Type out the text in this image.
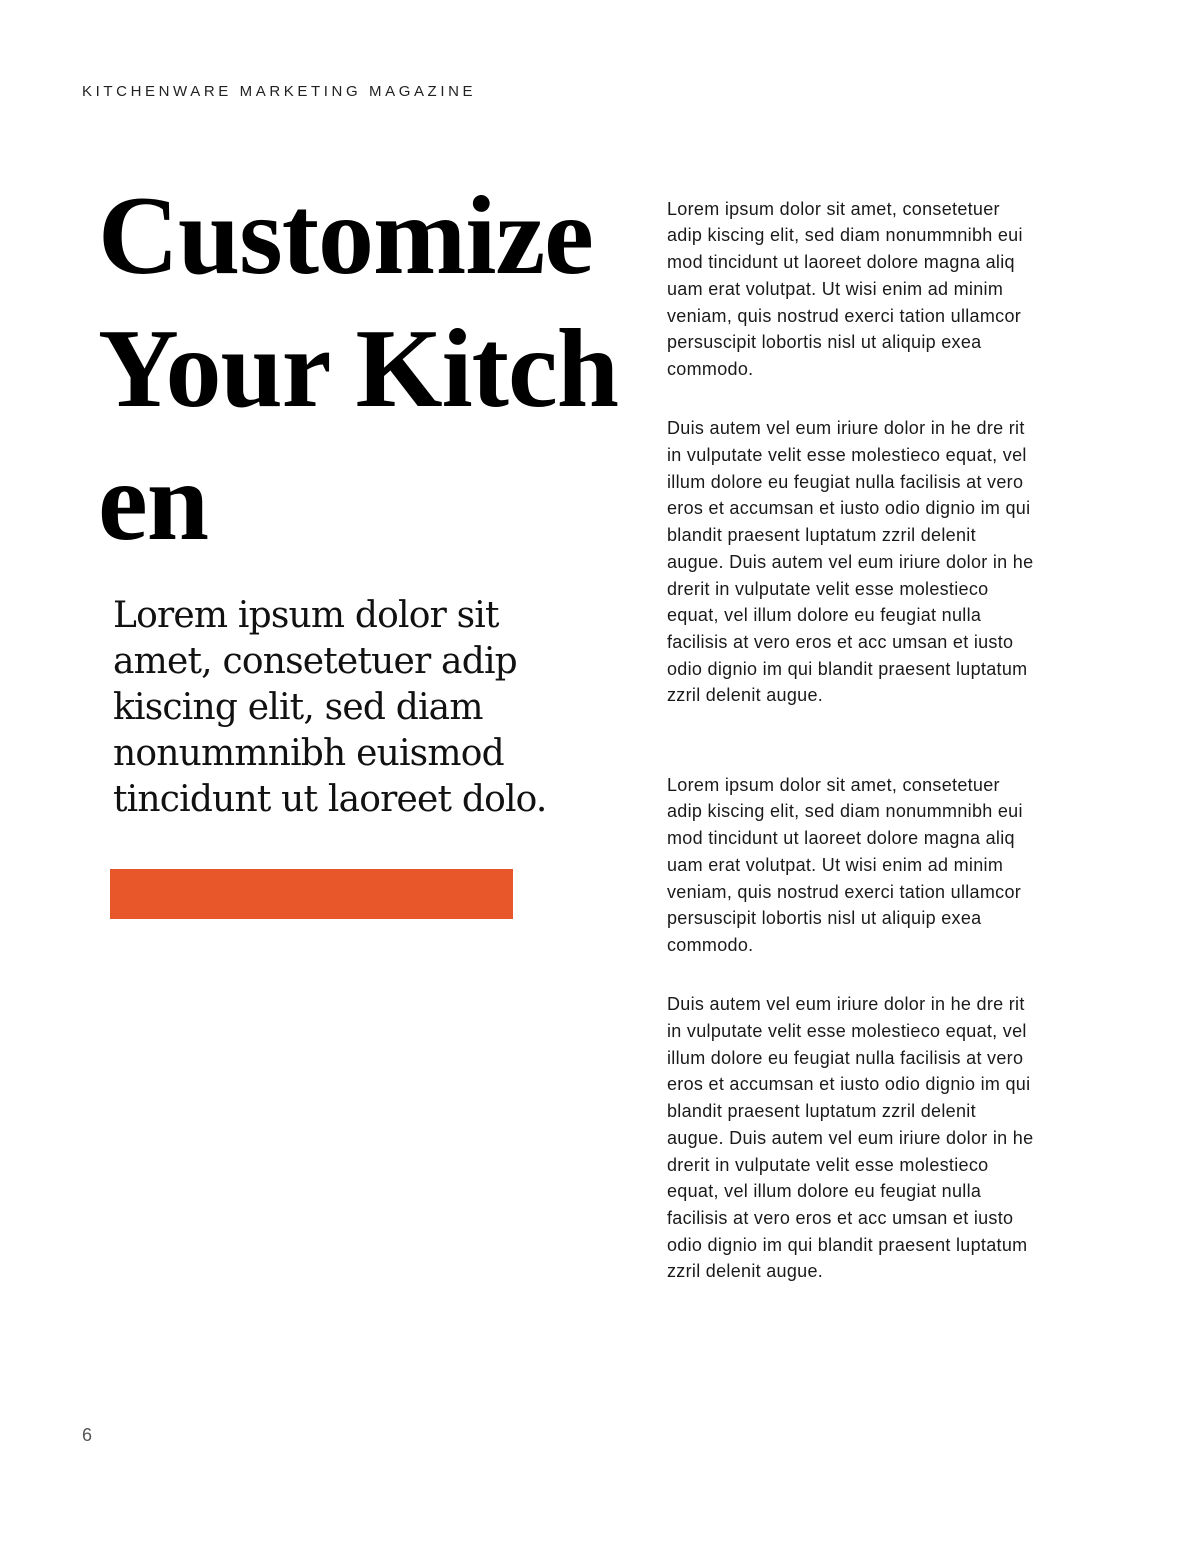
KITCHENWARE MARKETING MAGAZINE
Customize
Your Kitch
en
Lorem ipsum dolor sit
amet, consetetuer adip
kiscing elit, sed diam
nonummnibh euismod
tincidunt ut laoreet dolo.

Lorem ipsum dolor sit amet, consetetuer
adip kiscing elit, sed diam nonummnibh eui
mod tincidunt ut laoreet dolore magna aliq
uam erat volutpat. Ut wisi enim ad minim
veniam, quis nostrud exerci tation ullamcor
persuscipit lobortis nisl ut aliquip exea
commodo.

Duis autem vel eum iriure dolor in he dre rit
in vulputate velit esse molestieco equat, vel
illum dolore eu feugiat nulla facilisis at vero
eros et accumsan et iusto odio dignio im qui
blandit praesent luptatum zzril delenit
augue. Duis autem vel eum iriure dolor in he
drerit in vulputate velit esse molestieco
equat, vel illum dolore eu feugiat nulla
facilisis at vero eros et acc umsan et iusto
odio dignio im qui blandit praesent luptatum
zzril delenit augue.

Lorem ipsum dolor sit amet, consetetuer
adip kiscing elit, sed diam nonummnibh eui
mod tincidunt ut laoreet dolore magna aliq
uam erat volutpat. Ut wisi enim ad minim
veniam, quis nostrud exerci tation ullamcor
persuscipit lobortis nisl ut aliquip exea
commodo.

Duis autem vel eum iriure dolor in he dre rit
in vulputate velit esse molestieco equat, vel
illum dolore eu feugiat nulla facilisis at vero
eros et accumsan et iusto odio dignio im qui
blandit praesent luptatum zzril delenit
augue. Duis autem vel eum iriure dolor in he
drerit in vulputate velit esse molestieco
equat, vel illum dolore eu feugiat nulla
facilisis at vero eros et acc umsan et iusto
odio dignio im qui blandit praesent luptatum
zzril delenit augue.

6
